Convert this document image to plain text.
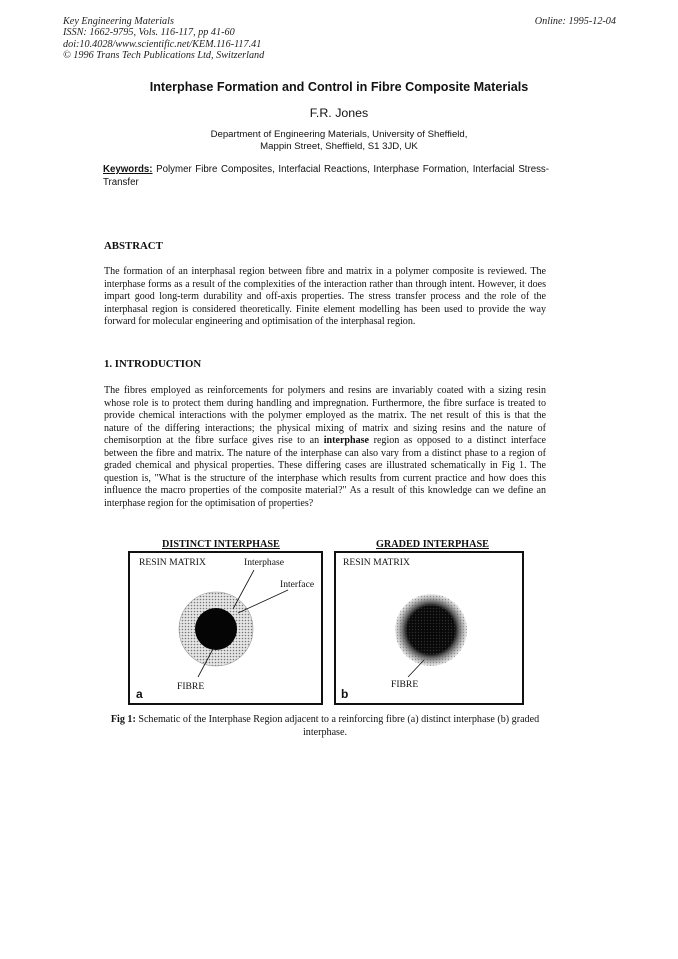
Key Engineering Materials
ISSN: 1662-9795, Vols. 116-117, pp 41-60
doi:10.4028/www.scientific.net/KEM.116-117.41
© 1996 Trans Tech Publications Ltd, Switzerland
Online: 1995-12-04
Interphase Formation and Control in Fibre Composite Materials
F.R. Jones
Department of Engineering Materials, University of Sheffield,
Mappin Street, Sheffield, S1 3JD, UK
Keywords: Polymer Fibre Composites, Interfacial Reactions, Interphase Formation, Interfacial Stress-Transfer
ABSTRACT
The formation of an interphasal region between fibre and matrix in a polymer composite is reviewed. The interphase forms as a result of the complexities of the interaction rather than through intent. However, it does impart good long-term durability and off-axis properties. The stress transfer process and the role of the interphasal region is considered theoretically. Finite element modelling has been used to provide the way forward for molecular engineering and optimisation of the interphasal region.
1. INTRODUCTION
The fibres employed as reinforcements for polymers and resins are invariably coated with a sizing resin whose role is to protect them during handling and impregnation. Furthermore, the fibre surface is treated to provide chemical interactions with the polymer employed as the matrix. The net result of this is that the nature of the differing interactions; the physical mixing of matrix and sizing resins and the nature of chemisorption at the fibre surface gives rise to an interphase region as opposed to a distinct interface between the fibre and matrix. The nature of the interphase can also vary from a distinct phase to a region of graded chemical and physical properties. These differing cases are illustrated schematically in Fig 1. The question is, "What is the structure of the interphase which results from current practice and how does this influence the macro properties of the composite material?" As a result of this knowledge can we define an interphase region for the optimisation of properties?
DISTINCT INTERPHASE	GRADED INTERPHASE
RESIN MATRIX	Interphase
Interface
FIBRE
a
RESIN MATRIX
FIBRE
b
Fig 1: Schematic of the Interphase Region adjacent to a reinforcing fibre (a) distinct interphase (b) graded interphase.
